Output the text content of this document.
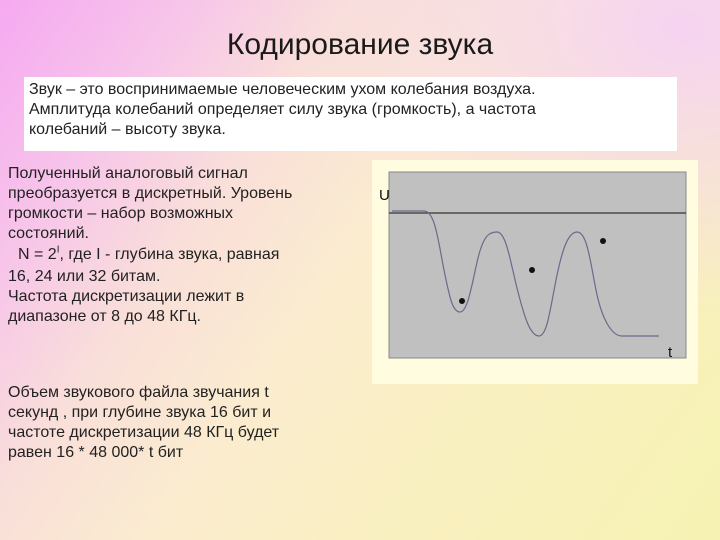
Кодирование звука
Звук – это воспринимаемые человеческим ухом колебания воздуха.
Амплитуда колебаний определяет силу звука (громкость), а частота
колебаний – высоту звука.

Полученный аналоговый сигнал

преобразуется в дискретный. Уровень

громкости – набор возможных

состояний.

$N = 2^I$, где I - глубина звука, равная

16, 24 или 32 битам.

Частота дискретизации лежит в

диапазоне от 8 до 48 КГц.

Объем звукового файла звучания t

секунд , при глубине звука 16 бит и

частоте дискретизации 48 КГц будет

равен 16 * 48 000* t бит

U
t
